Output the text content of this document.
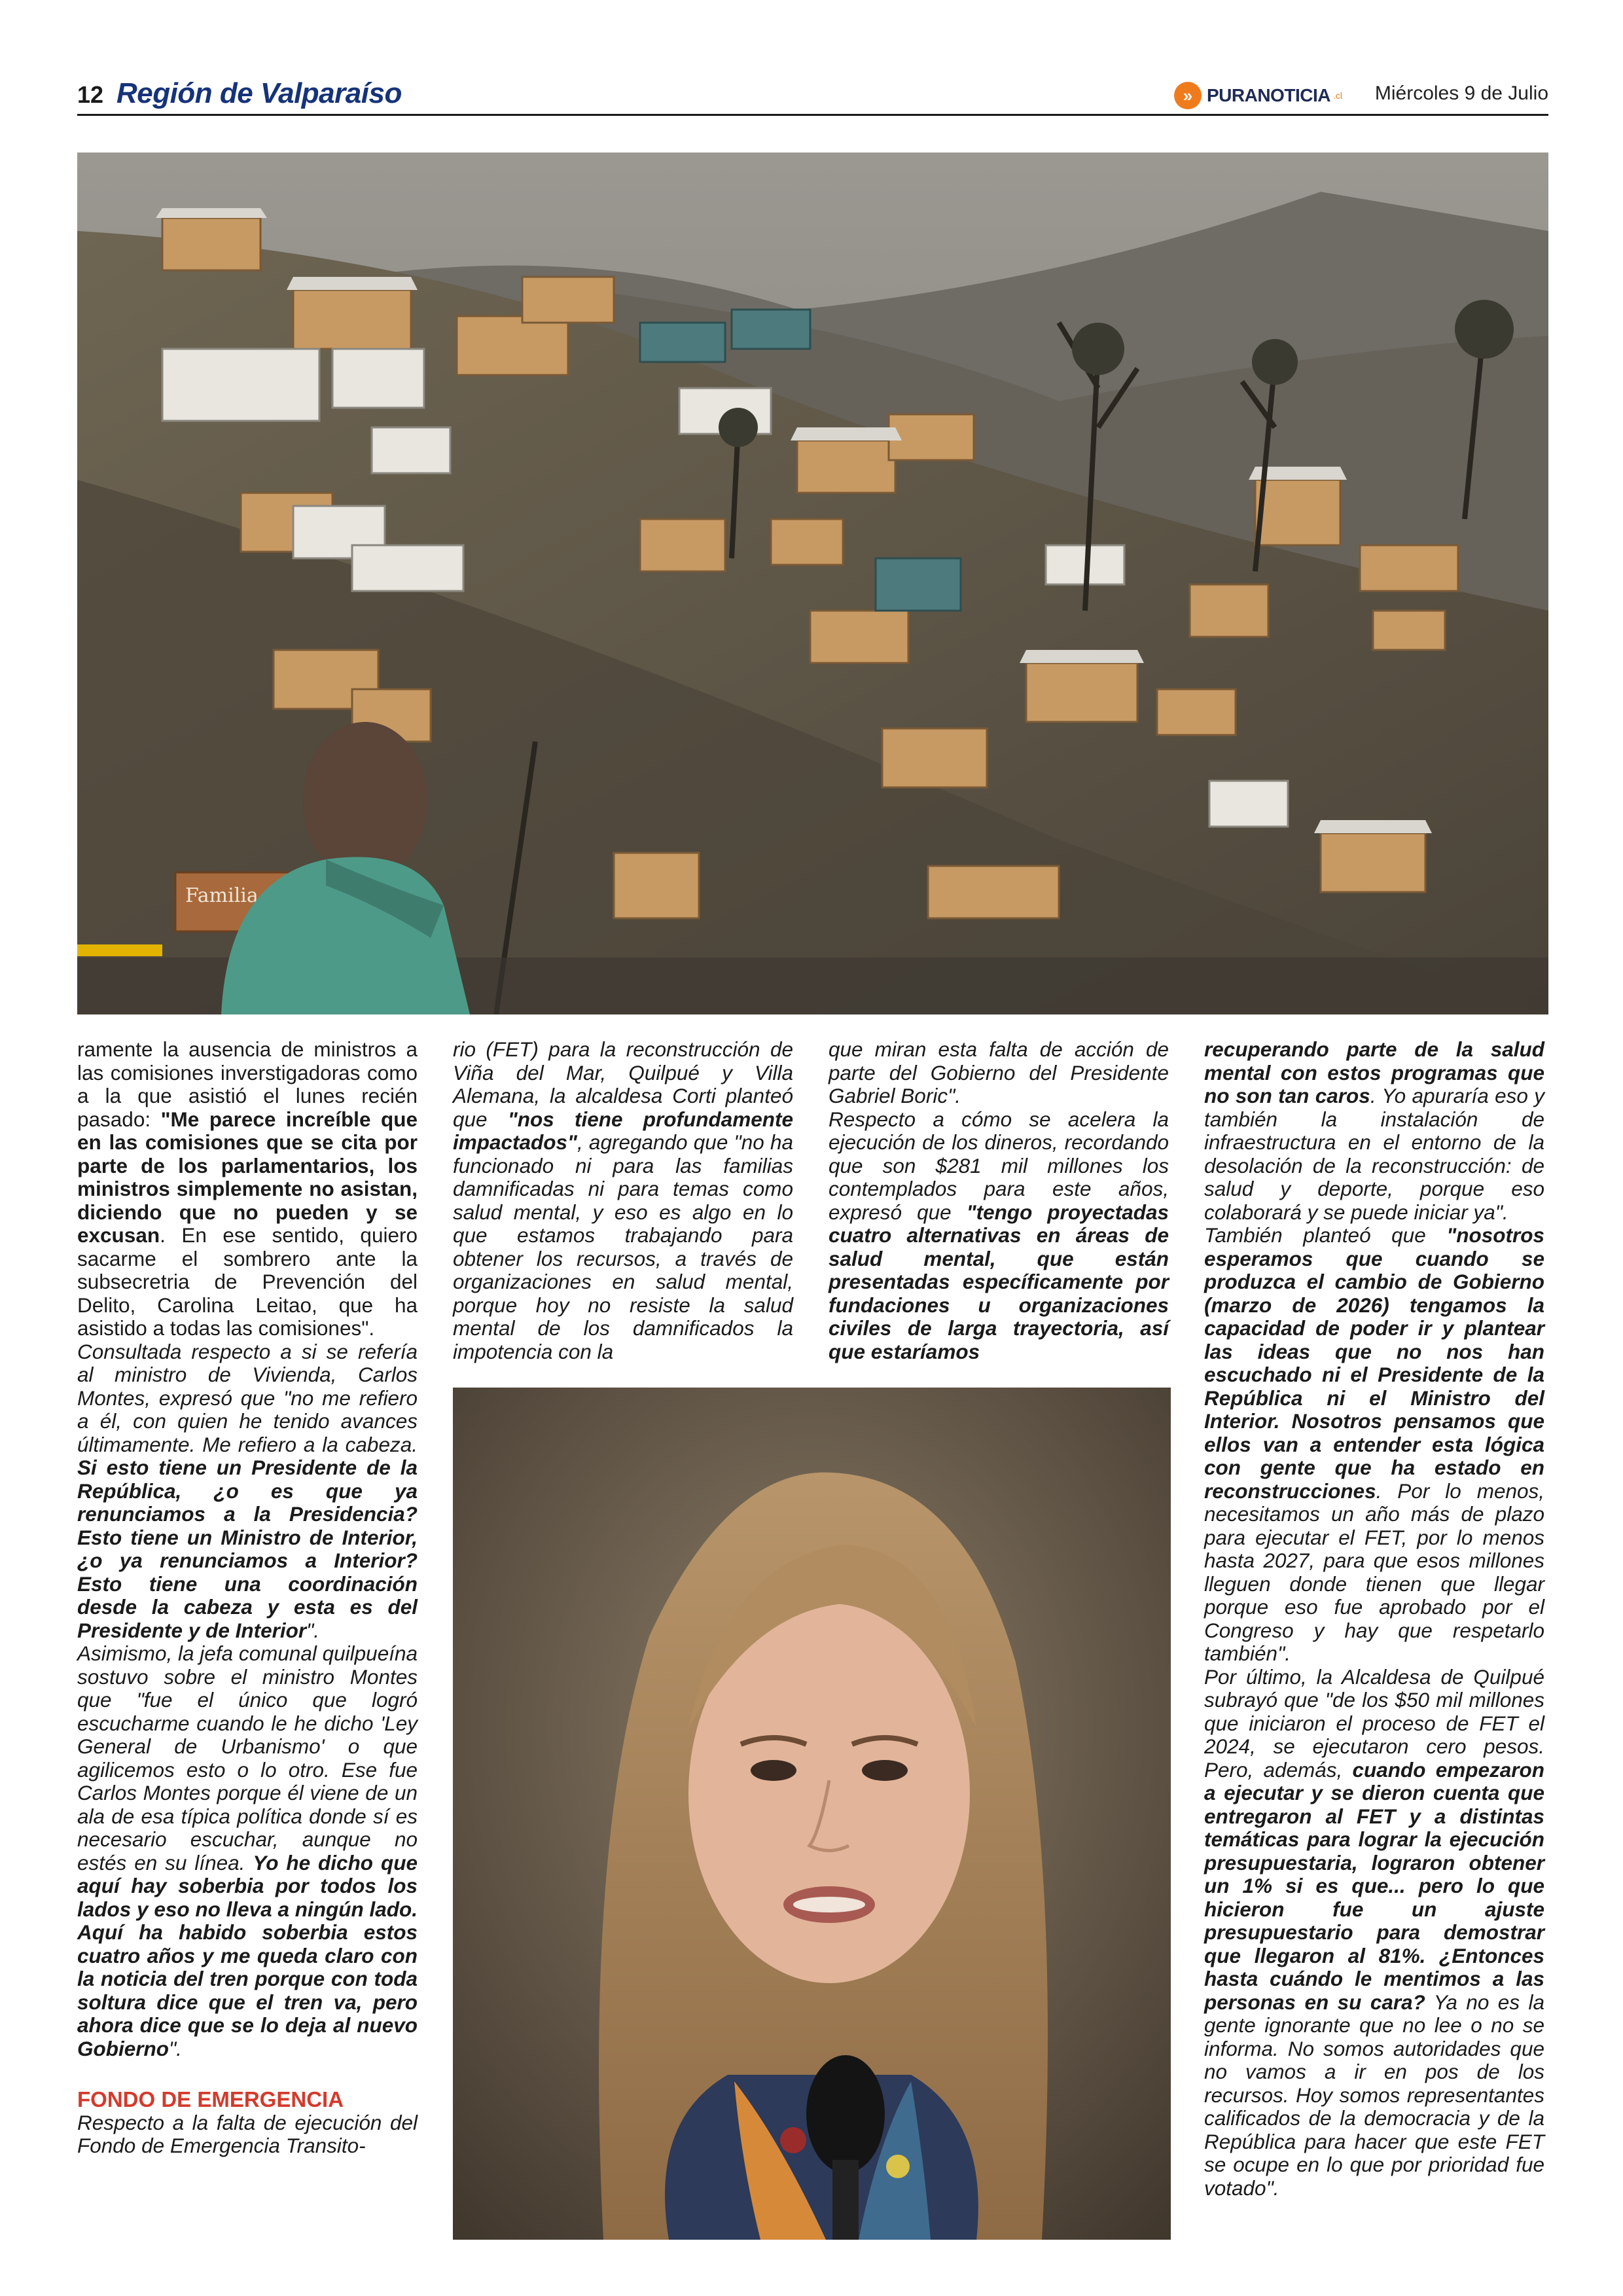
12 Región de Valparaíso	» PURANOTICIA .cl Miércoles 9 de Julio
Familia

ramente la ausencia de ministros a las comisiones inverstigadoras como a la que asistió el lunes recién pasado: "Me parece increíble que en las comisiones que se cita por parte de los parlamentarios, los ministros simplemente no asistan, diciendo que no pueden y se excusan. En ese sentido, quiero sacarme el sombrero ante la subsecretria de Prevención del Delito, Carolina Leitao, que ha asistido a todas las comisiones".

Consultada respecto a si se refería al ministro de Vivienda, Carlos Montes, expresó que "no me refiero a él, con quien he tenido avances últimamente. Me refiero a la cabeza. Si esto tiene un Presidente de la República, ¿o es que ya renunciamos a la Presidencia? Esto tiene un Ministro de Interior, ¿o ya renunciamos a Interior? Esto tiene una coordinación desde la cabeza y esta es del Presidente y de Interior".

Asimismo, la jefa comunal quilpueína sostuvo sobre el ministro Montes que "fue el único que logró escucharme cuando le he dicho 'Ley General de Urbanismo' o que agilicemos esto o lo otro. Ese fue Carlos Montes porque él viene de un ala de esa típica política donde sí es necesario escuchar, aunque no estés en su línea. Yo he dicho que aquí hay soberbia por todos los lados y eso no lleva a ningún lado. Aquí ha habido soberbia estos cuatro años y me queda claro con la noticia del tren porque con toda soltura dice que el tren va, pero ahora dice que se lo deja al nuevo Gobierno".

FONDO DE EMERGENCIA

Respecto a la falta de ejecución del Fondo de Emergencia Transito-

rio (FET) para la reconstrucción de Viña del Mar, Quilpué y Villa Alemana, la alcaldesa Corti planteó que "nos tiene profundamente impactados", agregando que "no ha funcionado ni para las familias damnificadas ni para temas como salud mental, y eso es algo en lo que estamos trabajando para obtener los recursos, a través de organizaciones en salud mental, porque hoy no resiste la salud mental de los damnificados la impotencia con la

que miran esta falta de acción de parte del Gobierno del Presidente Gabriel Boric".

Respecto a cómo se acelera la ejecución de los dineros, recordando que son $281 mil millones los contemplados para este años, expresó que "tengo proyectadas cuatro alternativas en áreas de salud mental, que están presentadas específicamente por fundaciones u organizaciones civiles de larga trayectoria, así que estaríamos

recuperando parte de la salud mental con estos programas que no son tan caros. Yo apuraría eso y también la instalación de infraestructura en el entorno de la desolación de la reconstrucción: de salud y deporte, porque eso colaborará y se puede iniciar ya".

También planteó que "nosotros esperamos que cuando se produzca el cambio de Gobierno (marzo de 2026) tengamos la capacidad de poder ir y plantear las ideas que no nos han escuchado ni el Presidente de la República ni el Ministro del Interior. Nosotros pensamos que ellos van a entender esta lógica con gente que ha estado en reconstrucciones. Por lo menos, necesitamos un año más de plazo para ejecutar el FET, por lo menos hasta 2027, para que esos millones lleguen donde tienen que llegar porque eso fue aprobado por el Congreso y hay que respetarlo también".

Por último, la Alcaldesa de Quilpué subrayó que "de los $50 mil millones que iniciaron el proceso de FET el 2024, se ejecutaron cero pesos. Pero, además, cuando empezaron a ejecutar y se dieron cuenta que entregaron al FET y a distintas temáticas para lograr la ejecución presupuestaria, lograron obtener un 1% si es que... pero lo que hicieron fue un ajuste presupuestario para demostrar que llegaron al 81%. ¿Entonces hasta cuándo le mentimos a las personas en su cara? Ya no es la gente ignorante que no lee o no se informa. No somos autoridades que no vamos a ir en pos de los recursos. Hoy somos representantes calificados de la democracia y de la República para hacer que este FET se ocupe en lo que por prioridad fue votado".
